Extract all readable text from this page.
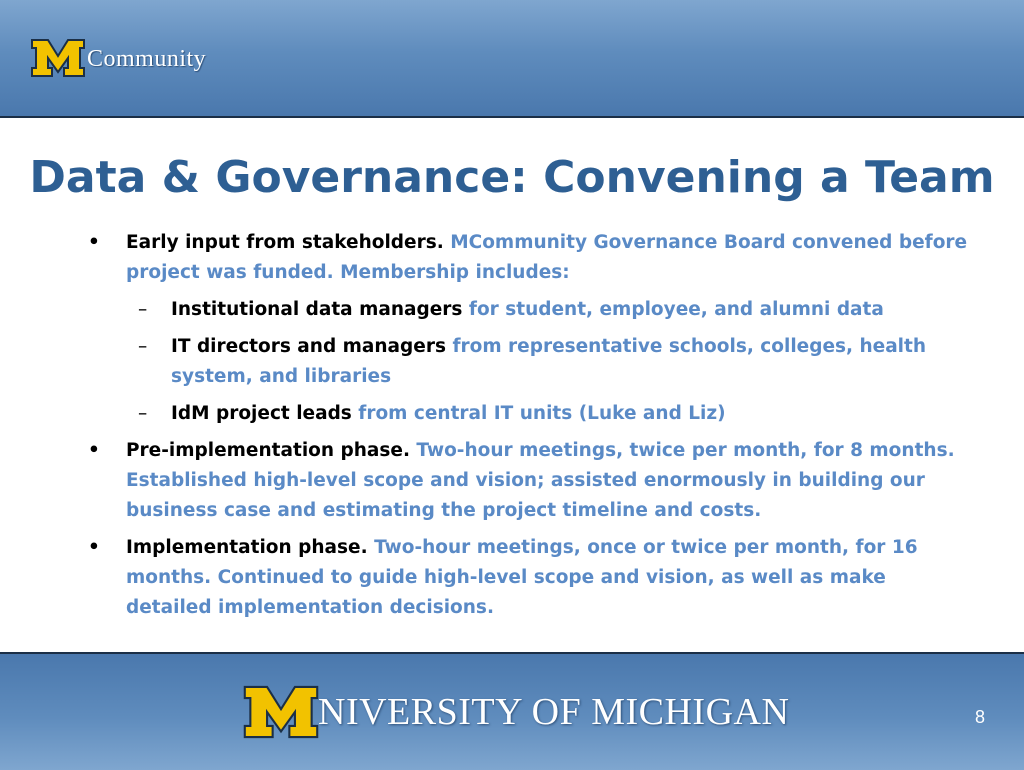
Community
Data & Governance: Convening a Team
• Early input from stakeholders. MCommunity Governance Board convened before project was funded. Membership includes:
– Institutional data managers for student, employee, and alumni data
– IT directors and managers from representative schools, colleges, health system, and libraries
– IdM project leads from central IT units (Luke and Liz)
• Pre-implementation phase. Two-hour meetings, twice per month, for 8 months. Established high-level scope and vision; assisted enormously in building our business case and estimating the project timeline and costs.
• Implementation phase. Two-hour meetings, once or twice per month, for 16 months. Continued to guide high-level scope and vision, as well as make detailed implementation decisions.
NIVERSITY OF MICHIGAN	8
